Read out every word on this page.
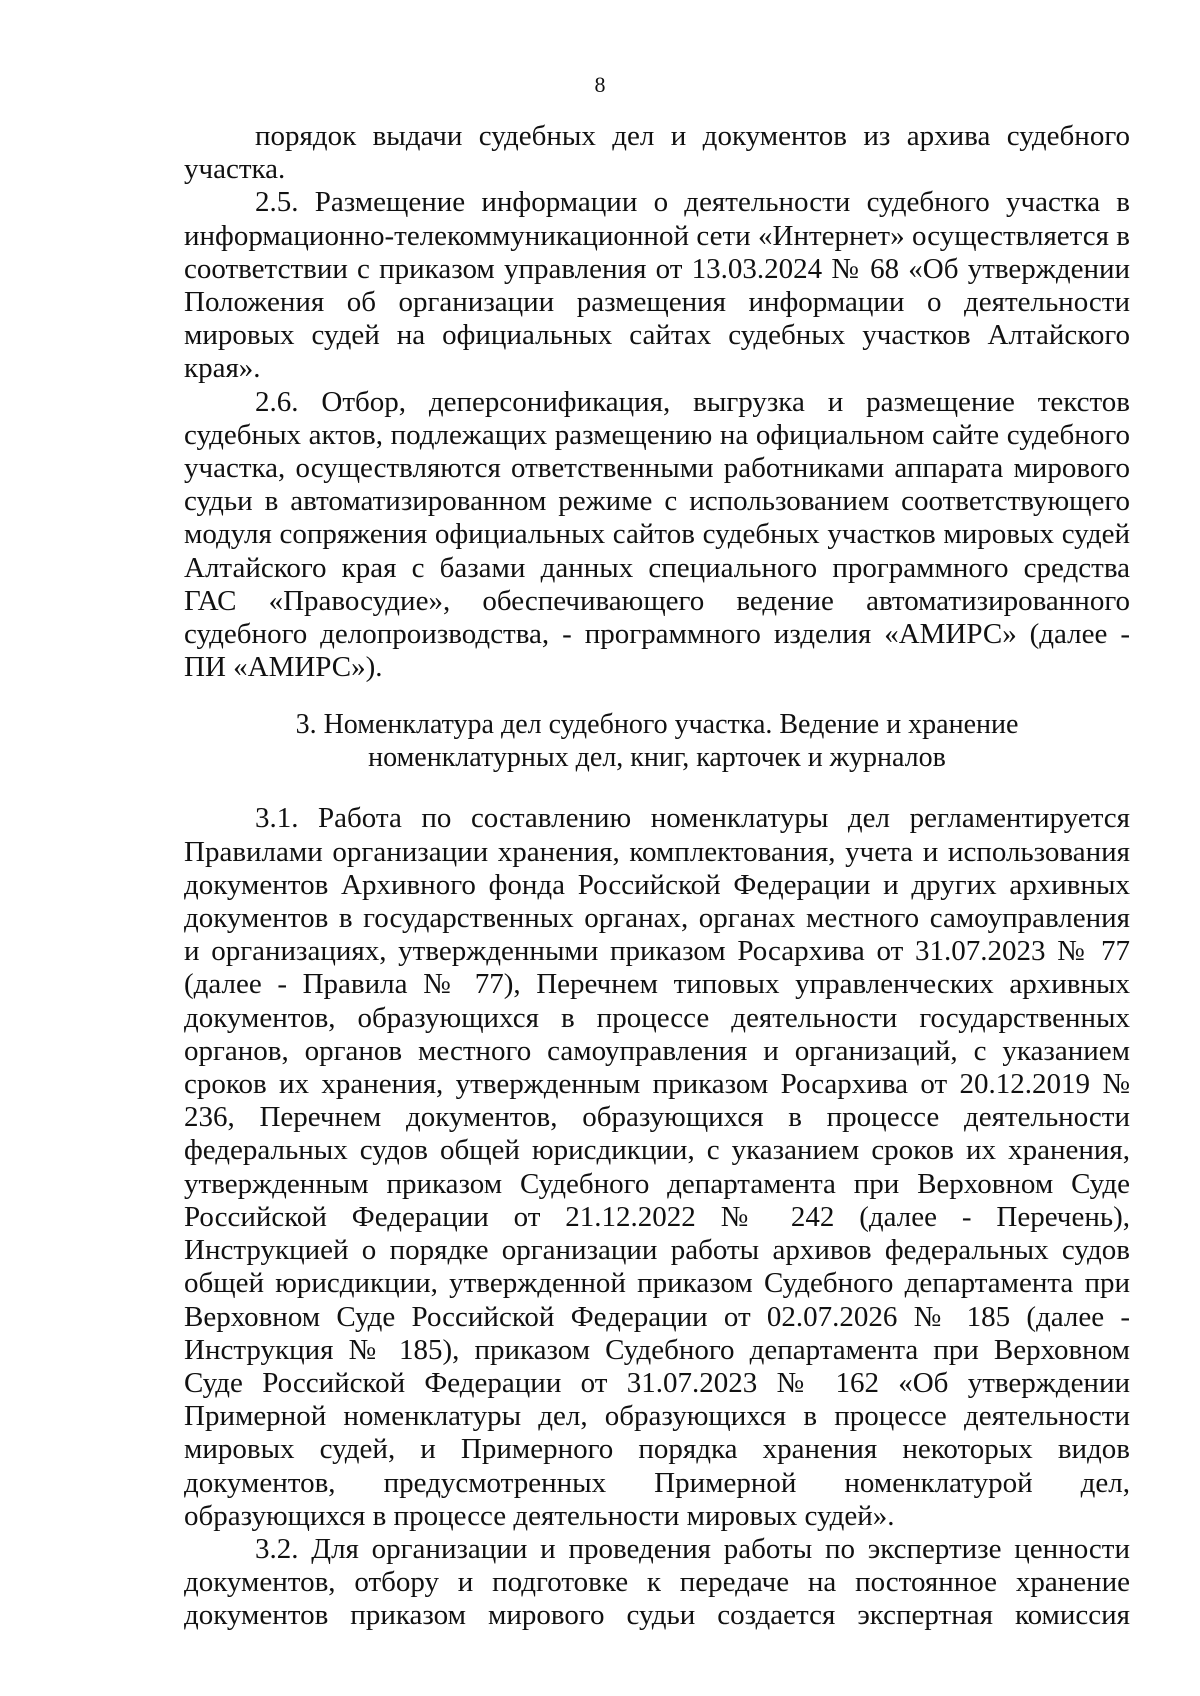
8

порядок выдачи судебных дел и документов из архива судебного участка.

2.5. Размещение информации о деятельности судебного участка в информационно-телекоммуникационной сети «Интернет» осуществляется в соответствии с приказом управления от 13.03.2024 № 68 «Об утверждении Положения об организации размещения информации о деятельности мировых судей на официальных сайтах судебных участков Алтайского края».

2.6. Отбор, деперсонификация, выгрузка и размещение текстов судебных актов, подлежащих размещению на официальном сайте судебного участка, осуществляются ответственными работниками аппарата мирового судьи в автоматизированном режиме с использованием соответствующего модуля сопряжения официальных сайтов судебных участков мировых судей Алтайского края с базами данных специального программного средства ГАС «Правосудие», обеспечивающего ведение автоматизированного судебного делопроизводства, - программного изделия «АМИРС» (далее - ПИ «АМИРС»).

3. Номенклатура дел судебного участка. Ведение и хранение
номенклатурных дел, книг, карточек и журналов

3.1. Работа по составлению номенклатуры дел регламентируется Правилами организации хранения, комплектования, учета и использования документов Архивного фонда Российской Федерации и других архивных документов в государственных органах, органах местного самоуправления и организациях, утвержденными приказом Росархива от 31.07.2023 № 77 (далее - Правила № 77), Перечнем типовых управленческих архивных документов, образующихся в процессе деятельности государственных органов, органов местного самоуправления и организаций, с указанием сроков их хранения, утвержденным приказом Росархива от 20.12.2019 № 236, Перечнем документов, образующихся в процессе деятельности федеральных судов общей юрисдикции, с указанием сроков их хранения, утвержденным приказом Судебного департамента при Верховном Суде Российской Федерации от 21.12.2022 № 242 (далее - Перечень), Инструкцией о порядке организации работы архивов федеральных судов общей юрисдикции, утвержденной приказом Судебного департамента при Верховном Суде Российской Федерации от 02.07.2026 № 185 (далее - Инструкция № 185), приказом Судебного департамента при Верховном Суде Российской Федерации от 31.07.2023 № 162 «Об утверждении Примерной номенклатуры дел, образующихся в процессе деятельности мировых судей, и Примерного порядка хранения некоторых видов документов, предусмотренных Примерной номенклатурой дел, образующихся в процессе деятельности мировых судей».

3.2. Для организации и проведения работы по экспертизе ценности документов, отбору и подготовке к передаче на постоянное хранение документов приказом мирового судьи создается экспертная комиссия
